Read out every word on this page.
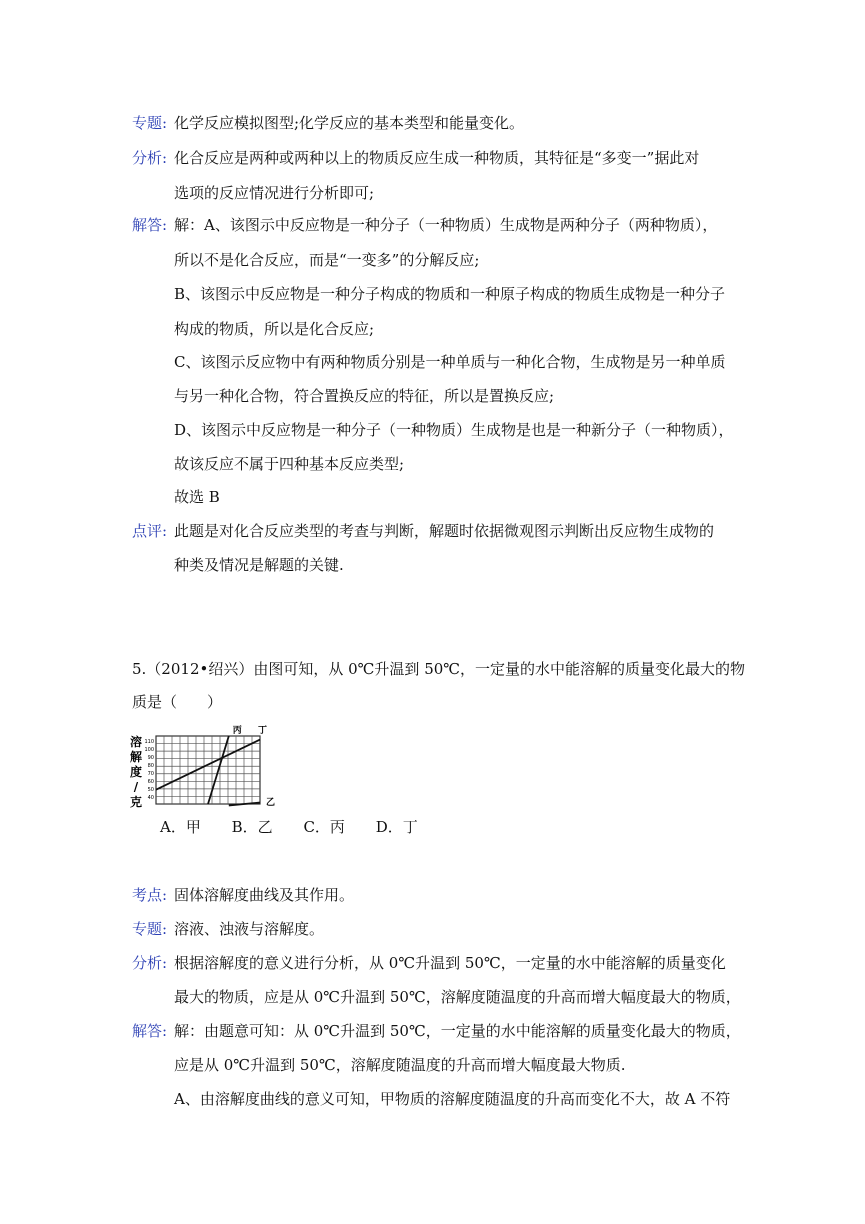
专题: 化学反应模拟图型;化学反应的基本类型和能量变化。
分析: 化合反应是两种或两种以上的物质反应生成一种物质，其特征是“多变一”据此对
选项的反应情况进行分析即可;
解答: 解：A、该图示中反应物是一种分子（一种物质）生成物是两种分子（两种物质），
所以不是化合反应，而是“一变多”的分解反应;
B、该图示中反应物是一种分子构成的物质和一种原子构成的物质生成物是一种分子
构成的物质，所以是化合反应;
C、该图示反应物中有两种物质分别是一种单质与一种化合物，生成物是另一种单质
与另一种化合物，符合置换反应的特征，所以是置换反应;
D、该图示中反应物是一种分子（一种物质）生成物是也是一种新分子（一种物质），
故该反应不属于四种基本反应类型;
故选 B
点评: 此题是对化合反应类型的考查与判断，解题时依据微观图示判断出反应物生成物的
种类及情况是解题的关键.
5.（2012•绍兴）由图可知，从 0℃升温到 50℃，一定量的水中能溶解的质量变化最大的物
质是（　　）
溶
解
度
/
克
110
100
90
80
70
60
50
40
丁
丙
乙
A．甲 B．乙 C．丙 D．丁
考点: 固体溶解度曲线及其作用。
专题: 溶液、浊液与溶解度。
分析: 根据溶解度的意义进行分析，从 0℃升温到 50℃，一定量的水中能溶解的质量变化
最大的物质，应是从 0℃升温到 50℃，溶解度随温度的升高而增大幅度最大的物质，
解答: 解：由题意可知：从 0℃升温到 50℃，一定量的水中能溶解的质量变化最大的物质，
应是从 0℃升温到 50℃，溶解度随温度的升高而增大幅度最大物质.
A、由溶解度曲线的意义可知，甲物质的溶解度随温度的升高而变化不大，故 A 不符
